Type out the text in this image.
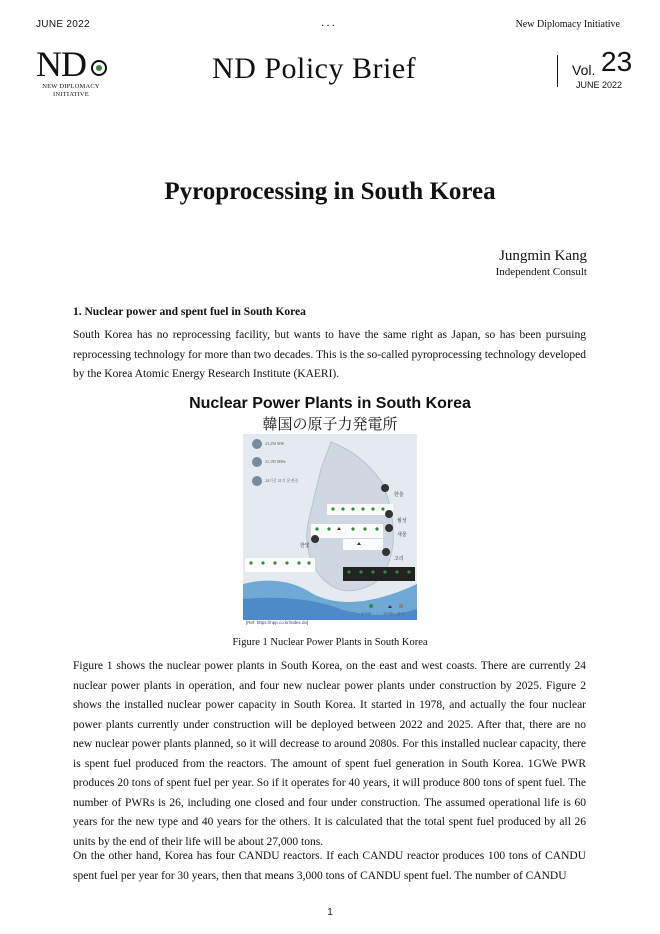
JUNE 2022	...	New Diplomacy Initiative
ND
NEW DIPLOMACY
INITIATIVE
ND Policy Brief	Vol. 23
JUNE 2022
Pyroprocessing in South Korea
Jungmin Kang
Independent Consult
1. Nuclear power and spent fuel in South Korea
South Korea has no reprocessing facility, but wants to have the same right as Japan, so has been pursuing reprocessing technology for more than two decades. This is the so-called pyroprocessing technology developed by the Korea Atomic Energy Research Institute (KAERI).
Nuclear Power Plants in South Korea
韓国の原子力発電所
23,250 MW
21,195 MWe
24기중 21기 운전중
한울
월성
새울
고리
한빛
운영중	정비중 정지
[Ref: https://npp.co.kr/index.do]
Figure 1 Nuclear Power Plants in South Korea
Figure 1 shows the nuclear power plants in South Korea, on the east and west coasts. There are currently 24 nuclear power plants in operation, and four new nuclear power plants under construction by 2025. Figure 2 shows the installed nuclear power capacity in South Korea. It started in 1978, and actually the four nuclear power plants currently under construction will be deployed between 2022 and 2025. After that, there are no new nuclear power plants planned, so it will decrease to around 2080s. For this installed nuclear capacity, there is spent fuel produced from the reactors. The amount of spent fuel generation in South Korea. 1GWe PWR produces 20 tons of spent fuel per year. So if it operates for 40 years, it will produce 800 tons of spent fuel. The number of PWRs is 26, including one closed and four under construction. The assumed operational life is 60 years for the new type and 40 years for the others. It is calculated that the total spent fuel produced by all 26 units by the end of their life will be about 27,000 tons.
On the other hand, Korea has four CANDU reactors. If each CANDU reactor produces 100 tons of CANDU spent fuel per year for 30 years, then that means 3,000 tons of CANDU spent fuel. The number of CANDU
1
